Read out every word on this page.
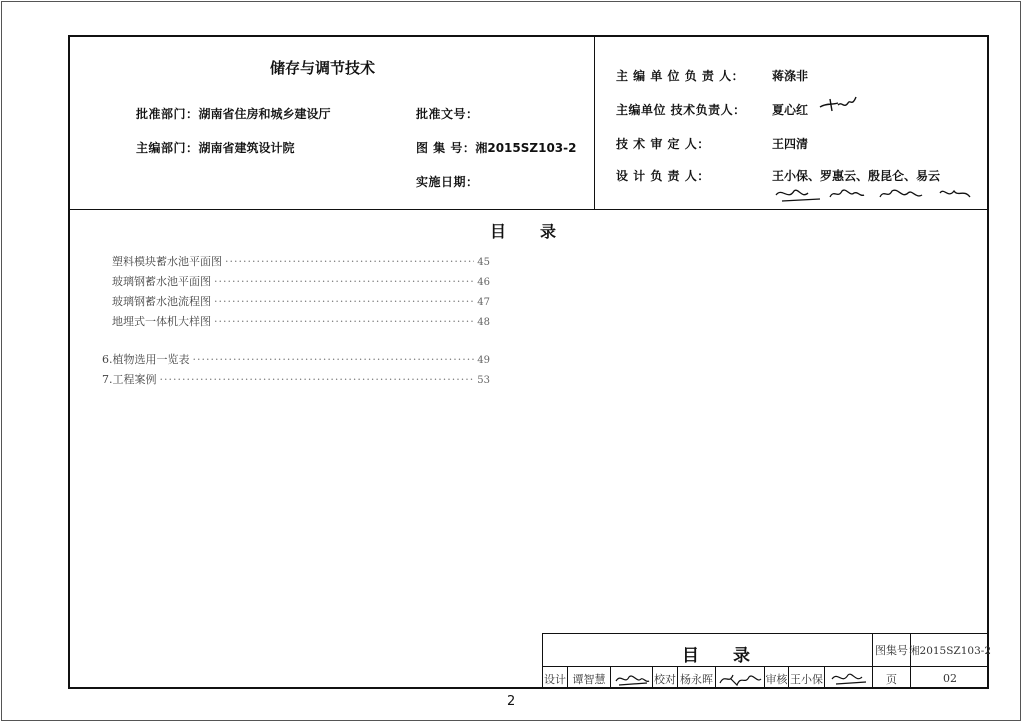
储存与调节技术
批准部门：湖南省住房和城乡建设厅
主编部门：湖南省建筑设计院
批准文号：
图 集 号：湘2015SZ103-2
实施日期：
主 编 单 位 负 责 人： 蒋涤非
主编单位 技术负责人： 夏心红
技 术 审 定 人：	王四清
设 计 负 责 人：	王小保、罗惠云、殷昆仑、易云
目录
塑料模块蓄水池平面图 ·····	45
玻璃钢蓄水池平面图 ·····	46
玻璃钢蓄水池流程图 ·····	47
地埋式一体机大样图 ·····	48
6.植物选用一览表 ·····	49
7.工程案例 ·····	53
目录	图集号 湘2015SZ103-2
设计 谭智慧	校对 杨永晖	审核 王小保	页	02
2
